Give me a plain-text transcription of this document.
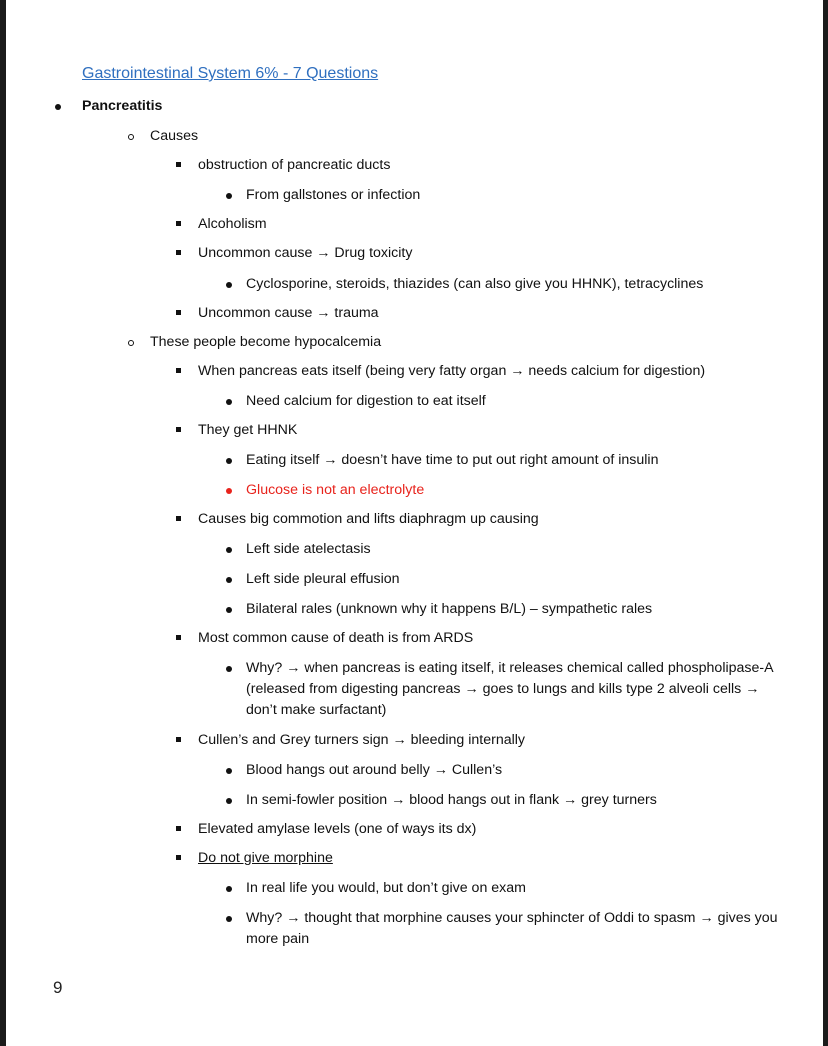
Gastrointestinal System 6% - 7 Questions
Pancreatitis
Causes
obstruction of pancreatic ducts
From gallstones or infection
Alcoholism
Uncommon cause → Drug toxicity
Cyclosporine, steroids, thiazides (can also give you HHNK), tetracyclines
Uncommon cause → trauma
These people become hypocalcemia
When pancreas eats itself (being very fatty organ → needs calcium for digestion)
Need calcium for digestion to eat itself
They get HHNK
Eating itself → doesn’t have time to put out right amount of insulin
Glucose is not an electrolyte
Causes big commotion and lifts diaphragm up causing
Left side atelectasis
Left side pleural effusion
Bilateral rales (unknown why it happens B/L) – sympathetic rales
Most common cause of death is from ARDS
Why? → when pancreas is eating itself, it releases chemical called phospholipase-A (released from digesting pancreas → goes to lungs and kills type 2 alveoli cells → don’t make surfactant)
Cullen’s and Grey turners sign → bleeding internally
Blood hangs out around belly → Cullen’s
In semi-fowler position → blood hangs out in flank → grey turners
Elevated amylase levels (one of ways its dx)
Do not give morphine
In real life you would, but don’t give on exam
Why? → thought that morphine causes your sphincter of Oddi to spasm → gives you more pain
9
